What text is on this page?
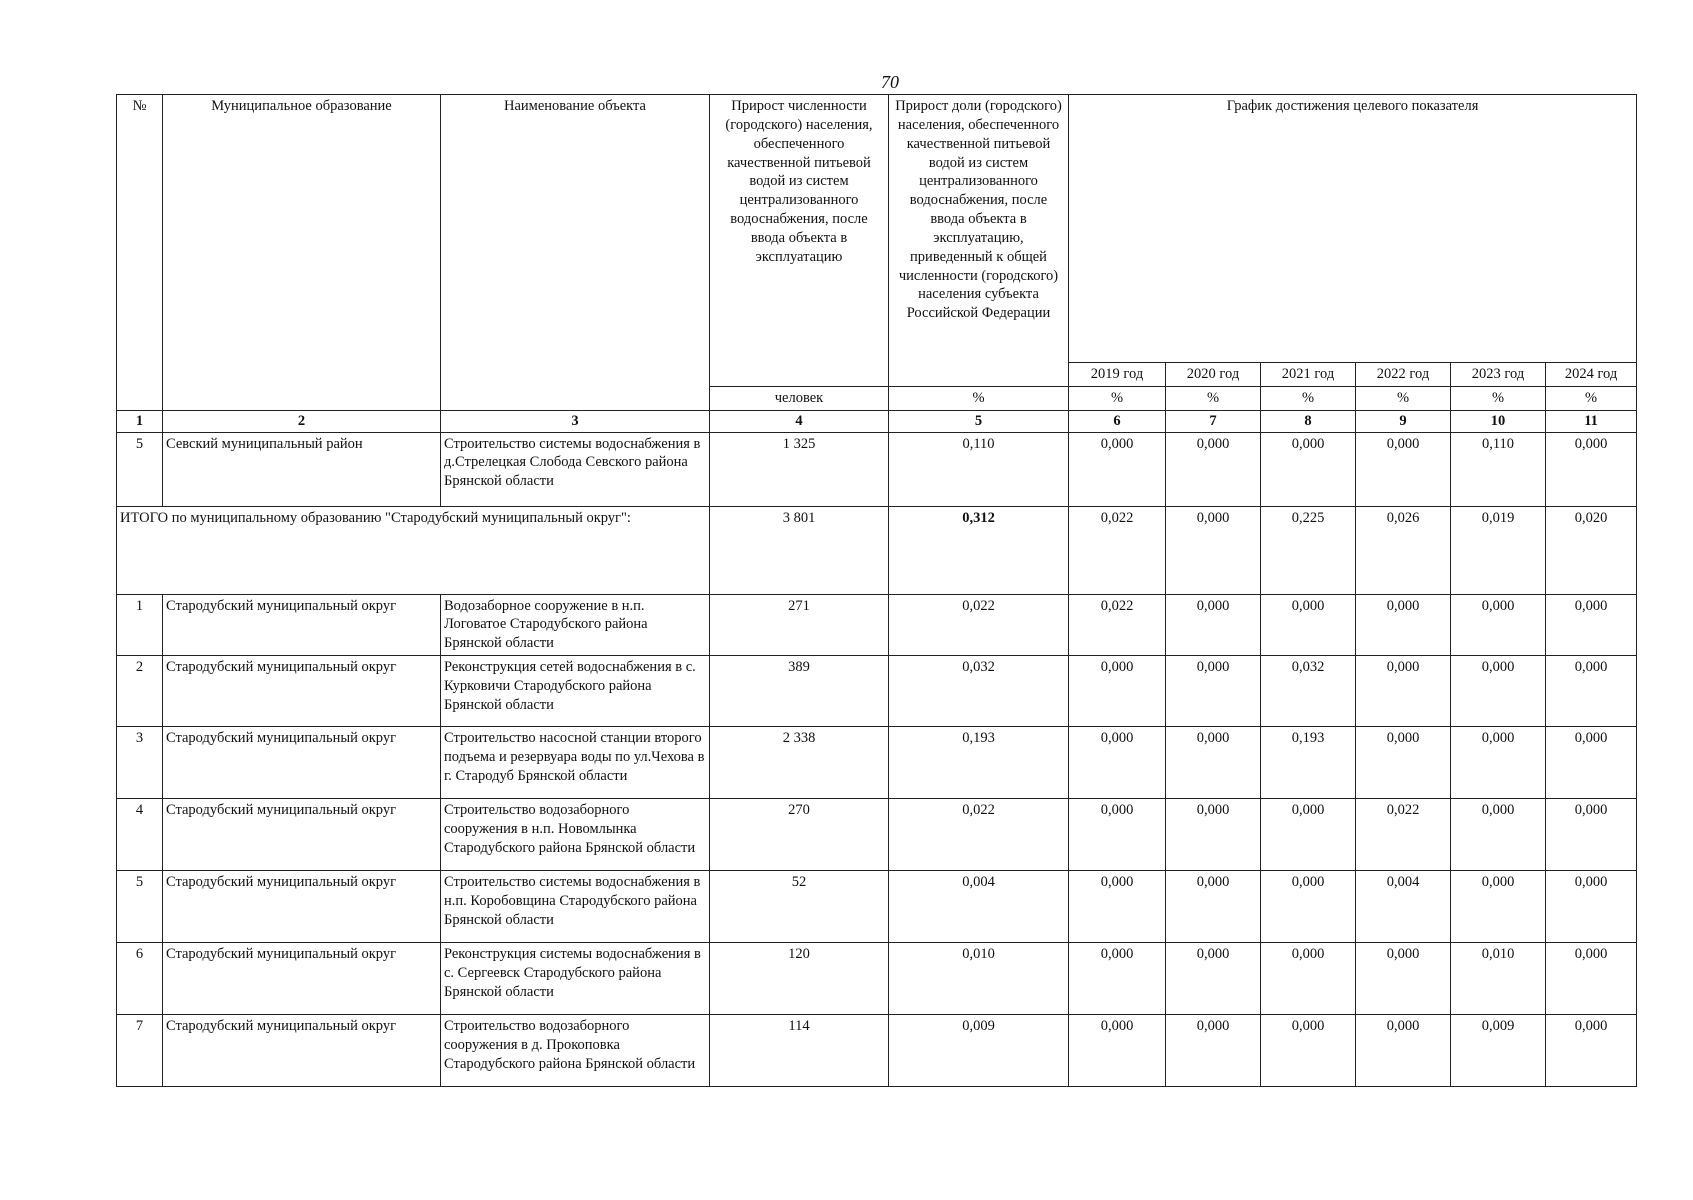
70
№	Муниципальное образование	Наименование объекта	Прирост численности (городского) населения, обеспеченного качественной питьевой водой из систем централизованного водоснабжения, после ввода объекта в эксплуатацию	Прирост доли (городского) населения, обеспеченного качественной питьевой водой из систем централизованного водоснабжения, после ввода объекта в эксплуатацию, приведенный к общей численности (городского) населения субъекта Российской Федерации	График достижения целевого показателя					
					2019 год	2020 год	2021 год	2022 год	2023 год	2024 год
			человек	%	%	%	%	%	%	%
1	2	3	4	5	6	7	8	9	10	11
5	Севский муниципальный район	Строительство системы водоснабжения в д.Стрелецкая Слобода Севского района Брянской области	1 325	0,110	0,000	0,000	0,000	0,000	0,110	0,000
ИТОГО по муниципальному образованию "Стародубский муниципальный округ":			3 801	0,312	0,022	0,000	0,225	0,026	0,019	0,020
1	Стародубский муниципальный округ	Водозаборное сооружение в н.п. Логоватое Стародубского района Брянской области	271	0,022	0,022	0,000	0,000	0,000	0,000	0,000
2	Стародубский муниципальный округ	Реконструкция сетей водоснабжения в с. Курковичи Стародубского района Брянской области	389	0,032	0,000	0,000	0,032	0,000	0,000	0,000
3	Стародубский муниципальный округ	Строительство насосной станции второго подъема и резервуара воды по ул.Чехова в г. Стародуб Брянской области	2 338	0,193	0,000	0,000	0,193	0,000	0,000	0,000
4	Стародубский муниципальный округ	Строительство водозаборного сооружения в н.п. Новомлынка Стародубского района Брянской области	270	0,022	0,000	0,000	0,000	0,022	0,000	0,000
5	Стародубский муниципальный округ	Строительство системы водоснабжения в н.п. Коробовщина Стародубского района Брянской области	52	0,004	0,000	0,000	0,000	0,004	0,000	0,000
6	Стародубский муниципальный округ	Реконструкция системы водоснабжения в с. Сергеевск Стародубского района Брянской области	120	0,010	0,000	0,000	0,000	0,000	0,010	0,000
7	Стародубский муниципальный округ	Строительство водозаборного сооружения в д. Прокоповка Стародубского района Брянской области	114	0,009	0,000	0,000	0,000	0,000	0,009	0,000
